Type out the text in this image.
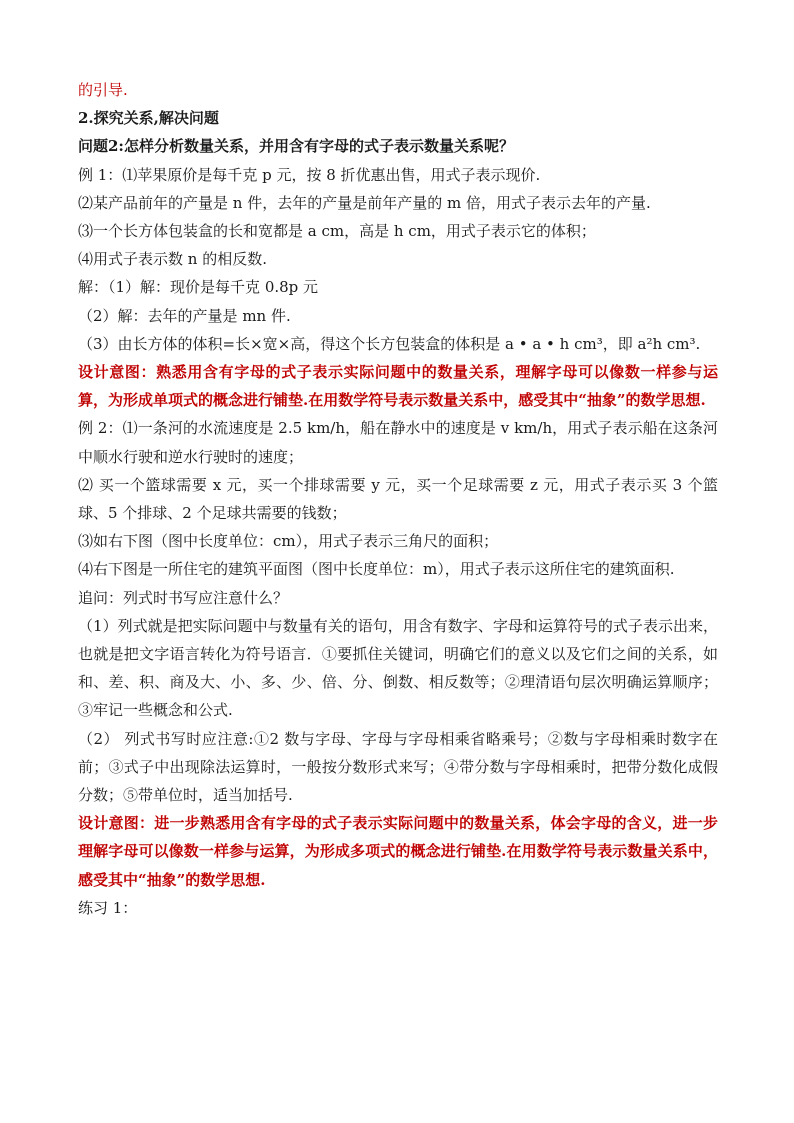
的引导.
2.探究关系,解决问题
问题2:怎样分析数量关系，并用含有字母的式子表示数量关系呢？
例 1：⑴苹果原价是每千克 p 元，按 8 折优惠出售，用式子表示现价.
⑵某产品前年的产量是 n 件，去年的产量是前年产量的 m 倍，用式子表示去年的产量.
⑶一个长方体包装盒的长和宽都是 a cm，高是 h cm，用式子表示它的体积；
⑷用式子表示数 n 的相反数.
解：（1）解：现价是每千克 0.8p 元
（2）解：去年的产量是 mn 件.
（3）由长方体的体积=长×宽×高，得这个长方包装盒的体积是 a • a • h cm³，即 a²h cm³.
设计意图：熟悉用含有字母的式子表示实际问题中的数量关系，理解字母可以像数一样参与运算，为形成单项式的概念进行铺垫.在用数学符号表示数量关系中，感受其中“抽象”的数学思想.
例 2：⑴一条河的水流速度是 2.5 km/h，船在静水中的速度是 v km/h，用式子表示船在这条河中顺水行驶和逆水行驶时的速度；
⑵ 买一个篮球需要 x 元，买一个排球需要 y 元，买一个足球需要 z 元，用式子表示买 3 个篮球、5 个排球、2 个足球共需要的钱数；
⑶如右下图（图中长度单位：cm），用式子表示三角尺的面积；
⑷右下图是一所住宅的建筑平面图（图中长度单位：m），用式子表示这所住宅的建筑面积.
追问：列式时书写应注意什么？
（1）列式就是把实际问题中与数量有关的语句，用含有数字、字母和运算符号的式子表示出来，也就是把文字语言转化为符号语言．①要抓住关键词，明确它们的意义以及它们之间的关系，如和、差、积、商及大、小、多、少、倍、分、倒数、相反数等；②理清语句层次明确运算顺序；③牢记一些概念和公式.
（2） 列式书写时应注意:①2 数与字母、字母与字母相乘省略乘号；②数与字母相乘时数字在前；③式子中出现除法运算时，一般按分数形式来写；④带分数与字母相乘时，把带分数化成假分数；⑤带单位时，适当加括号.
设计意图：进一步熟悉用含有字母的式子表示实际问题中的数量关系，体会字母的含义，进一步理解字母可以像数一样参与运算，为形成多项式的概念进行铺垫.在用数学符号表示数量关系中，感受其中“抽象”的数学思想.
练习 1：
